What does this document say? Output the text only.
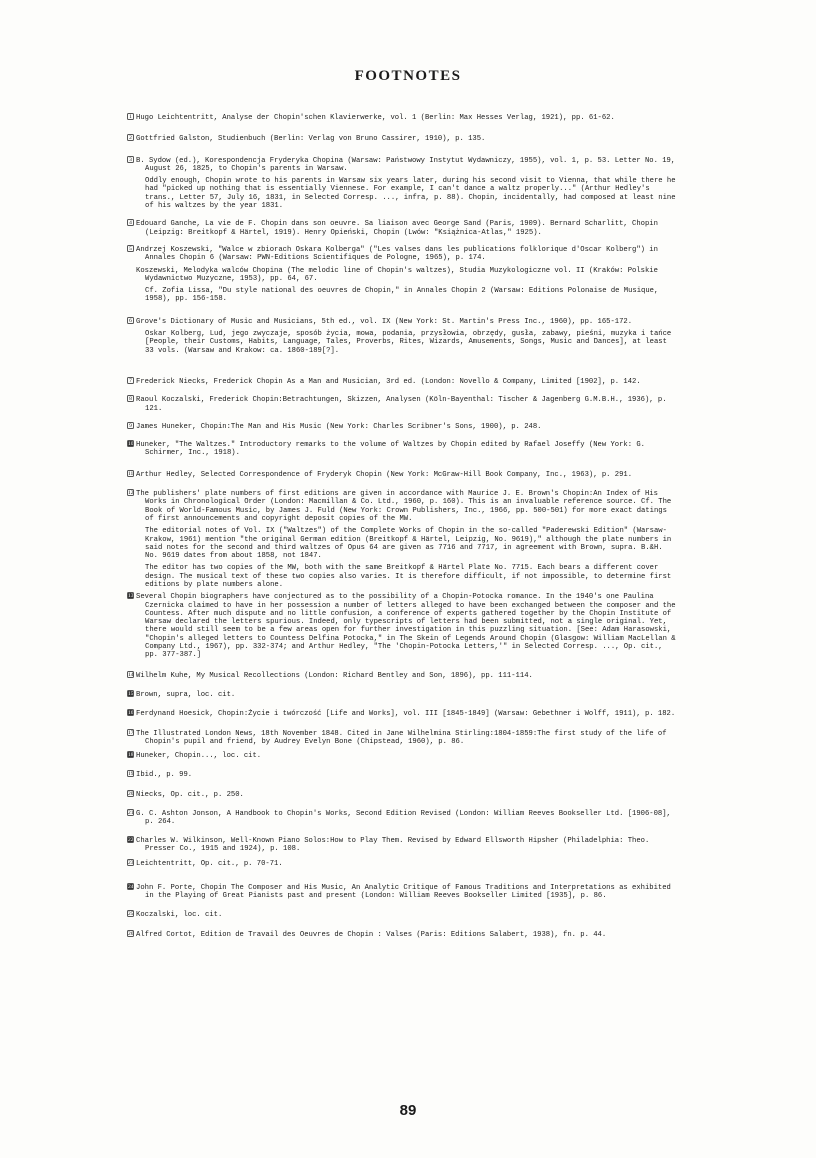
FOOTNOTES
1 Hugo Leichtentritt, Analyse der Chopin'schen Klavierwerke, vol. 1 (Berlin: Max Hesses Verlag, 1921), pp. 61-62.

2 Gottfried Galston, Studienbuch (Berlin: Verlag von Bruno Cassirer, 1910), p. 135.

3 B. Sydow (ed.), Korespondencja Fryderyka Chopina (Warsaw: Państwowy Instytut Wydawniczy, 1955), vol. 1, p. 53. Letter No. 19, August 26, 1825, to Chopin's parents in Warsaw.

Oddly enough, Chopin wrote to his parents in Warsaw six years later, during his second visit to Vienna, that while there he had "picked up nothing that is essentially Viennese. For example, I can't dance a waltz properly..." (Arthur Hedley's trans., Letter 57, July 16, 1831, in Selected Corresp. ..., infra, p. 88). Chopin, incidentally, had composed at least nine of his waltzes by the year 1831.

4 Edouard Ganche, La vie de F. Chopin dans son oeuvre. Sa liaison avec George Sand (Paris, 1909). Bernard Scharlitt, Chopin (Leipzig: Breitkopf & Härtel, 1919). Henry Opieński, Chopin (Lwów: "Książnica-Atlas," 1925).

5 Andrzej Koszewski, "Walce w zbiorach Oskara Kolberga" ("Les valses dans les publications folklorique d'Oscar Kolberg") in Annales Chopin 6 (Warsaw: PWN-Editions Scientifiques de Pologne, 1965), p. 174.

Koszewski, Melodyka walców Chopina (The melodic line of Chopin's waltzes), Studia Muzykologiczne vol. II (Kraków: Polskie Wydawnictwo Muzyczne, 1953), pp. 64, 67.

Cf. Zofia Lissa, "Du style national des oeuvres de Chopin," in Annales Chopin 2 (Warsaw: Editions Polonaise de Musique, 1958), pp. 156-158.

6 Grove's Dictionary of Music and Musicians, 5th ed., vol. IX (New York: St. Martin's Press Inc., 1960), pp. 165-172.

Oskar Kolberg, Lud, jego zwyczaje, sposób życia, mowa, podania, przysłowia, obrzędy, gusła, zabawy, pieśni, muzyka i tańce [People, their Customs, Habits, Language, Tales, Proverbs, Rites, Wizards, Amusements, Songs, Music and Dances], at least 33 vols. (Warsaw and Krakow: ca. 1860-189[?].

7 Frederick Niecks, Frederick Chopin As a Man and Musician, 3rd ed. (London: Novello & Company, Limited [1902], p. 142.

8 Raoul Koczalski, Frederick Chopin:Betrachtungen, Skizzen, Analysen (Köln-Bayenthal: Tischer & Jagenberg G.M.B.H., 1936), p. 121.

9 James Huneker, Chopin:The Man and His Music (New York: Charles Scribner's Sons, 1900), p. 248.

10 Huneker, "The Waltzes." Introductory remarks to the volume of Waltzes by Chopin edited by Rafael Joseffy (New York: G. Schirmer, Inc., 1918).

11 Arthur Hedley, Selected Correspondence of Fryderyk Chopin (New York: McGraw-Hill Book Company, Inc., 1963), p. 291.

12 The publishers' plate numbers of first editions are given in accordance with Maurice J. E. Brown's Chopin:An Index of His Works in Chronological Order (London: Macmillan & Co. Ltd., 1960, p. 160). This is an invaluable reference source. Cf. The Book of World-Famous Music, by James J. Fuld (New York: Crown Publishers, Inc., 1966, pp. 500-501) for more exact datings of first announcements and copyright deposit copies of the MW.

The editorial notes of Vol. IX ("Waltzes") of the Complete Works of Chopin in the so-called "Paderewski Edition" (Warsaw-Krakow, 1961) mention "the original German edition (Breitkopf & Härtel, Leipzig, No. 9619)," although the plate numbers in said notes for the second and third waltzes of Opus 64 are given as 7716 and 7717, in agreement with Brown, supra. B.&H. No. 9619 dates from about 1858, not 1847.

The editor has two copies of the MW, both with the same Breitkopf & Härtel Plate No. 7715. Each bears a different cover design. The musical text of these two copies also varies. It is therefore difficult, if not impossible, to determine first editions by plate numbers alone.

13 Several Chopin biographers have conjectured as to the possibility of a Chopin-Potocka romance. In the 1940's one Paulina Czernicka claimed to have in her possession a number of letters alleged to have been exchanged between the composer and the Countess. After much dispute and no little confusion, a conference of experts gathered together by the Chopin Institute of Warsaw declared the letters spurious. Indeed, only typescripts of letters had been submitted, not a single original. Yet, there would still seem to be a few areas open for further investigation in this puzzling situation. [See: Adam Harasowski, "Chopin's alleged letters to Countess Delfina Potocka," in The Skein of Legends Around Chopin (Glasgow: William MacLellan & Company Ltd., 1967), pp. 332-374; and Arthur Hedley, "The 'Chopin-Potocka Letters,'" in Selected Corresp. ..., Op. cit., pp. 377-387.]

14 Wilhelm Kuhe, My Musical Recollections (London: Richard Bentley and Son, 1896), pp. 111-114.

15 Brown, supra, loc. cit.

16 Ferdynand Hoesick, Chopin:Życie i twórczość [Life and Works], vol. III [1845-1849] (Warsaw: Gebethner i Wolff, 1911), p. 182.

17 The Illustrated London News, 18th November 1848. Cited in Jane Wilhelmina Stirling:1804-1859:The first study of the life of Chopin's pupil and friend, by Audrey Evelyn Bone (Chipstead, 1960), p. 86.

18 Huneker, Chopin..., loc. cit.

19 Ibid., p. 99.

20 Niecks, Op. cit., p. 250.

21 G. C. Ashton Jonson, A Handbook to Chopin's Works, Second Edition Revised (London: William Reeves Bookseller Ltd. [1906-08], p. 264.

22 Charles W. Wilkinson, Well-Known Piano Solos:How to Play Them. Revised by Edward Ellsworth Hipsher (Philadelphia: Theo. Presser Co., 1915 and 1924), p. 108.

23 Leichtentritt, Op. cit., p. 70-71.

24 John F. Porte, Chopin The Composer and His Music, An Analytic Critique of Famous Traditions and Interpretations as exhibited in the Playing of Great Pianists past and present (London: William Reeves Bookseller Limited [1935], p. 86.

25 Koczalski, loc. cit.

26 Alfred Cortot, Edition de Travail des Oeuvres de Chopin : Valses (Paris: Editions Salabert, 1938), fn. p. 44.

89
